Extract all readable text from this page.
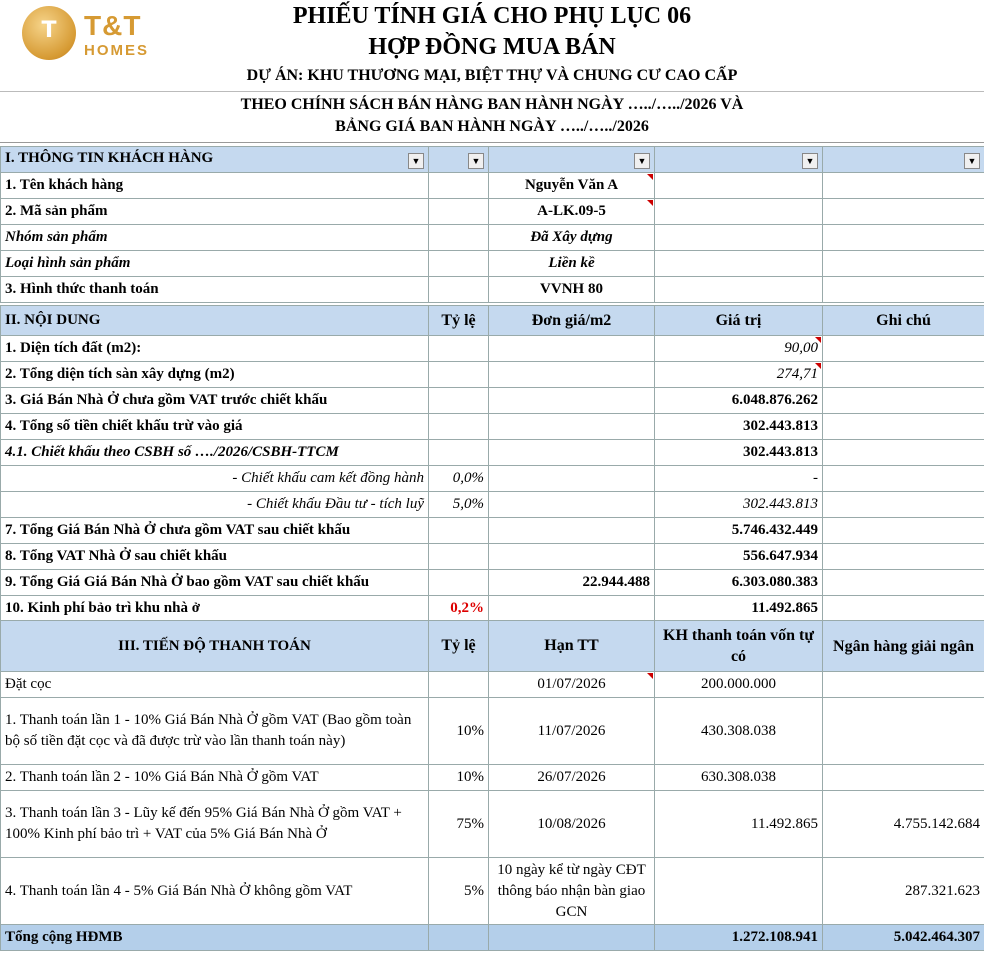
T T&T
HOMES
PHIẾU TÍNH GIÁ CHO PHỤ LỤC 06
HỢP ĐỒNG MUA BÁN
DỰ ÁN: KHU THƯƠNG MẠI, BIỆT THỰ VÀ CHUNG CƯ CAO CẤP
THEO CHÍNH SÁCH BÁN HÀNG BAN HÀNH NGÀY …../…../2026 VÀ
BẢNG GIÁ BAN HÀNH NGÀY …../…../2026
I. THÔNG TIN KHÁCH HÀNG ▼	▼	▼	▼	▼

1. Tên khách hàng		Nguyễn Văn A		
2. Mã sản phẩm		A-LK.09-5		
Nhóm sản phẩm		Đã Xây dựng		
Loại hình sản phẩm		Liền kề		
3. Hình thức thanh toán		VVNH 80		
II. NỘI DUNG	Tỷ lệ	Đơn giá/m2	Giá trị	Ghi chú
1. Diện tích đất (m2):			90,00	
2. Tổng diện tích sàn xây dựng (m2)			274,71	
3. Giá Bán Nhà Ở chưa gồm VAT trước chiết khấu			6.048.876.262	
4. Tổng số tiền chiết khấu trừ vào giá			302.443.813	
4.1. Chiết khấu theo CSBH số …./2026/CSBH-TTCM			302.443.813	
- Chiết khấu cam kết đồng hành	0,0%		-	
- Chiết khấu Đầu tư - tích luỹ	5,0%		302.443.813	
7. Tổng Giá Bán Nhà Ở chưa gồm VAT sau chiết khấu			5.746.432.449	
8. Tổng VAT Nhà Ở sau chiết khấu			556.647.934	
9. Tổng Giá Giá Bán Nhà Ở bao gồm VAT sau chiết khấu		22.944.488	6.303.080.383	
10. Kinh phí bảo trì khu nhà ở	0,2%		11.492.865	
III. TIẾN ĐỘ THANH TOÁN	Tỷ lệ	Hạn TT	KH thanh toán vốn tự có	Ngân hàng giải ngân
Đặt cọc		01/07/2026	200.000.000	
1. Thanh toán lần 1 - 10% Giá Bán Nhà Ở gồm VAT (Bao gồm toàn bộ số tiền đặt cọc và đã được trừ vào lần thanh toán này)	10%	11/07/2026	430.308.038	
2. Thanh toán lần 2 - 10% Giá Bán Nhà Ở gồm VAT	10%	26/07/2026	630.308.038	
3. Thanh toán lần 3 - Lũy kế đến 95% Giá Bán Nhà Ở gồm VAT + 100% Kinh phí bảo trì + VAT của 5% Giá Bán Nhà Ở	75%	10/08/2026	11.492.865	4.755.142.684
4. Thanh toán lần 4 - 5% Giá Bán Nhà Ở không gồm VAT	5%	10 ngày kể từ ngày CĐT thông báo nhận bàn giao GCN		287.321.623
Tổng cộng HĐMB			1.272.108.941	5.042.464.307
